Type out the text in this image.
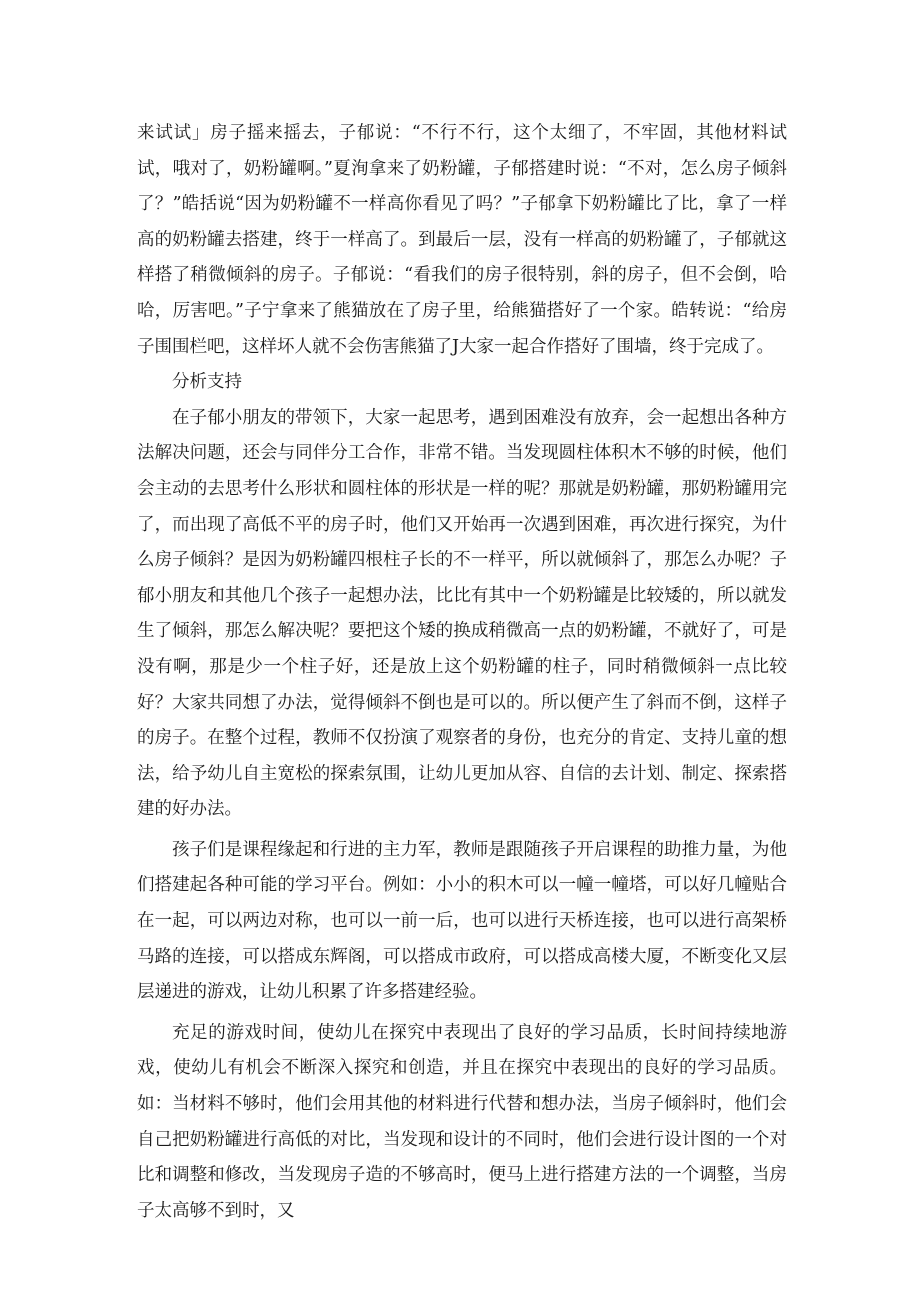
来试试」房子摇来摇去，子郁说：“不行不行，这个太细了，不牢固，其他材料试试，哦对了，奶粉罐啊。”夏洵拿来了奶粉罐，子郁搭建时说：“不对，怎么房子倾斜了？”皓括说“因为奶粉罐不一样高你看见了吗？”子郁拿下奶粉罐比了比，拿了一样高的奶粉罐去搭建，终于一样高了。到最后一层，没有一样高的奶粉罐了，子郁就这样搭了稍微倾斜的房子。子郁说：“看我们的房子很特别，斜的房子，但不会倒，哈哈，厉害吧。”子宁拿来了熊猫放在了房子里，给熊猫搭好了一个家。皓转说：“给房子围围栏吧，这样坏人就不会伤害熊猫了J大家一起合作搭好了围墙，终于完成了。

分析支持

在子郁小朋友的带领下，大家一起思考，遇到困难没有放弃，会一起想出各种方法解决问题，还会与同伴分工合作，非常不错。当发现圆柱体积木不够的时候，他们会主动的去思考什么形状和圆柱体的形状是一样的呢？那就是奶粉罐，那奶粉罐用完了，而出现了高低不平的房子时，他们又开始再一次遇到困难，再次进行探究，为什么房子倾斜？是因为奶粉罐四根柱子长的不一样平，所以就倾斜了，那怎么办呢？子郁小朋友和其他几个孩子一起想办法，比比有其中一个奶粉罐是比较矮的，所以就发生了倾斜，那怎么解决呢？要把这个矮的换成稍微高一点的奶粉罐，不就好了，可是没有啊，那是少一个柱子好，还是放上这个奶粉罐的柱子，同时稍微倾斜一点比较好？大家共同想了办法，觉得倾斜不倒也是可以的。所以便产生了斜而不倒，这样子的房子。在整个过程，教师不仅扮演了观察者的身份，也充分的肯定、支持儿童的想法，给予幼儿自主宽松的探索氛围，让幼儿更加从容、自信的去计划、制定、探索搭建的好办法。

孩子们是课程缘起和行进的主力军，教师是跟随孩子开启课程的助推力量，为他们搭建起各种可能的学习平台。例如：小小的积木可以一幢一幢塔，可以好几幢贴合在一起，可以两边对称，也可以一前一后，也可以进行天桥连接，也可以进行高架桥马路的连接，可以搭成东辉阁，可以搭成市政府，可以搭成高楼大厦，不断变化又层层递进的游戏，让幼儿积累了许多搭建经验。

充足的游戏时间，使幼儿在探究中表现出了良好的学习品质，长时间持续地游戏，使幼儿有机会不断深入探究和创造，并且在探究中表现出的良好的学习品质。如：当材料不够时，他们会用其他的材料进行代替和想办法，当房子倾斜时，他们会自己把奶粉罐进行高低的对比，当发现和设计的不同时，他们会进行设计图的一个对比和调整和修改，当发现房子造的不够高时，便马上进行搭建方法的一个调整，当房子太高够不到时，又
